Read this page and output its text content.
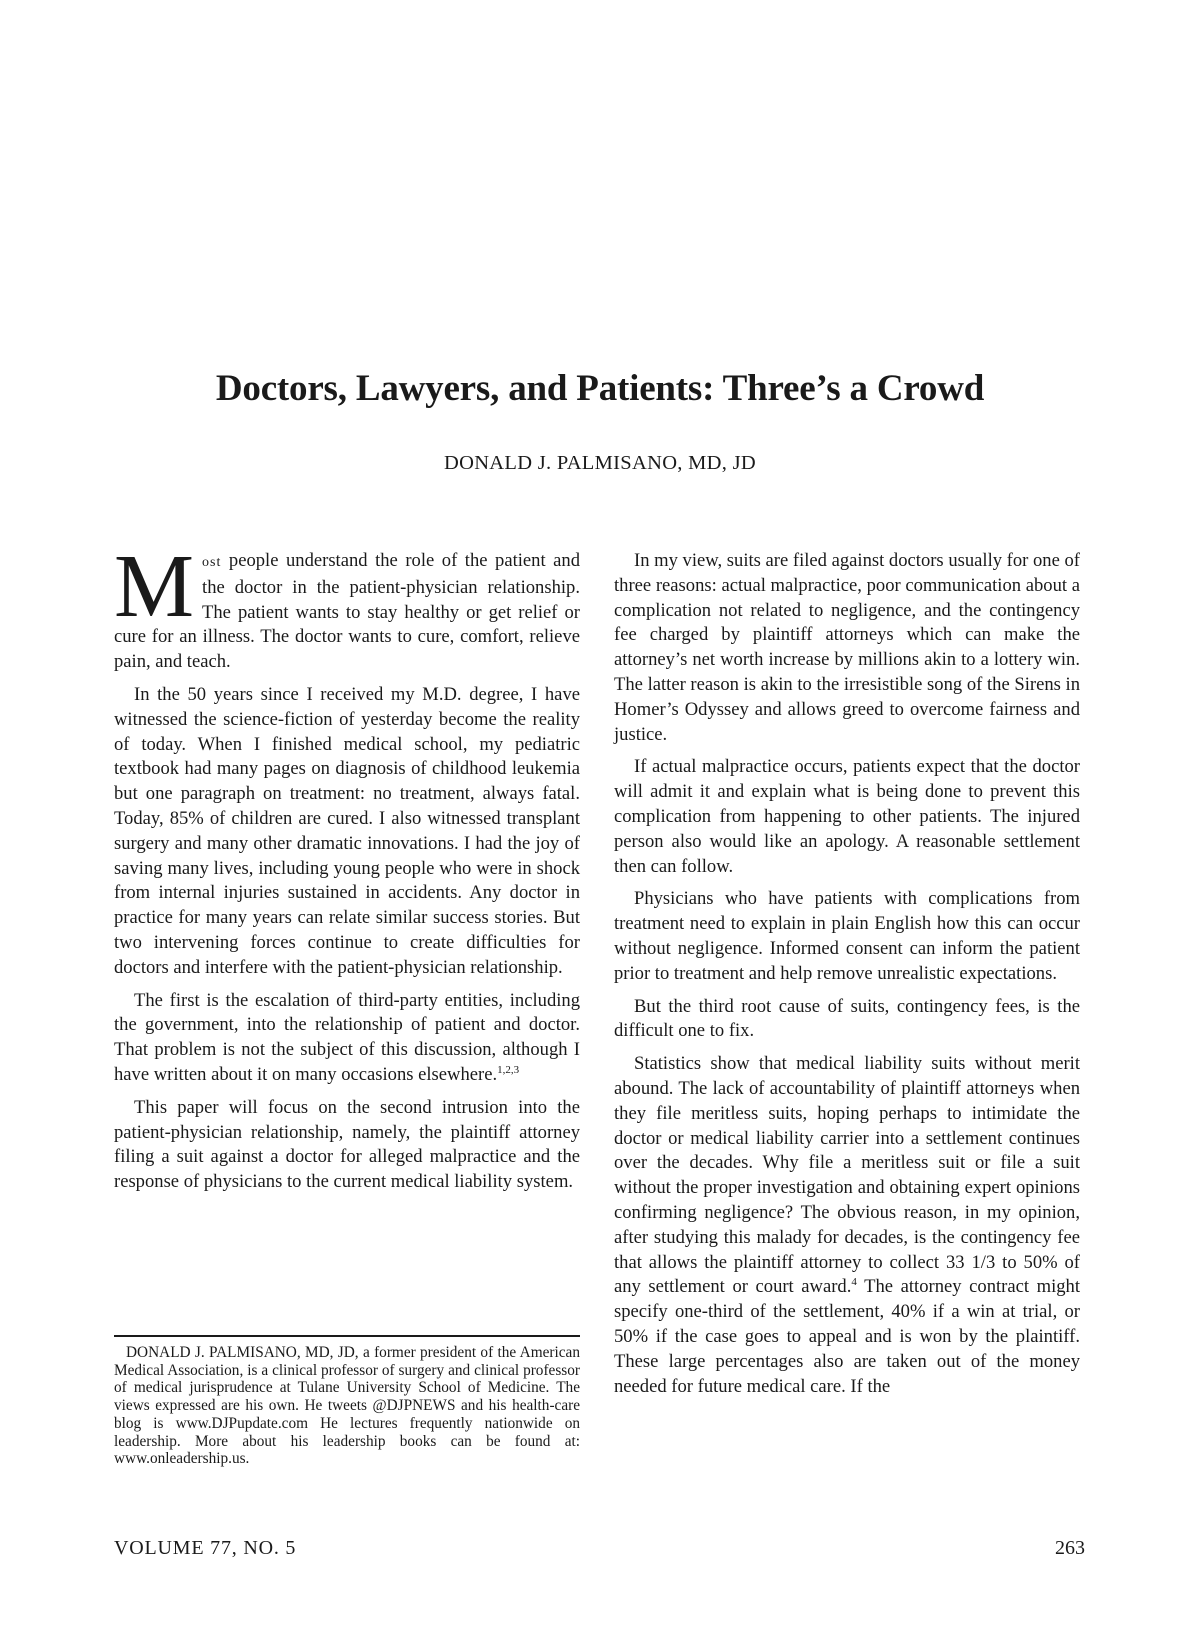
Doctors, Lawyers, and Patients: Three’s a Crowd

DONALD J. PALMISANO, MD, JD

Most people understand the role of the patient and the doctor in the patient-physician relationship. The patient wants to stay healthy or get relief or cure for an illness. The doctor wants to cure, comfort, relieve pain, and teach.

In the 50 years since I received my M.D. degree, I have witnessed the science-fiction of yesterday become the reality of today. When I finished medical school, my pediatric textbook had many pages on diagnosis of childhood leukemia but one paragraph on treatment: no treatment, always fatal. Today, 85% of children are cured. I also witnessed transplant surgery and many other dramatic innovations. I had the joy of saving many lives, including young people who were in shock from internal injuries sustained in accidents. Any doctor in practice for many years can relate similar success stories. But two intervening forces continue to create difficulties for doctors and interfere with the patient-physician relationship.

The first is the escalation of third-party entities, including the government, into the relationship of patient and doctor. That problem is not the subject of this discussion, although I have written about it on many occasions elsewhere.$^{1,2,3}$

This paper will focus on the second intrusion into the patient-physician relationship, namely, the plaintiff attorney filing a suit against a doctor for alleged malpractice and the response of physicians to the current medical liability system.

DONALD J. PALMISANO, MD, JD, a former president of the American Medical Association, is a clinical professor of surgery and clinical professor of medical jurisprudence at Tulane University School of Medicine. The views expressed are his own. He tweets @DJPNEWS and his health-care blog is www.DJPupdate.com He lectures frequently nationwide on leadership. More about his leadership books can be found at: www.onleadership.us.

In my view, suits are filed against doctors usually for one of three reasons: actual malpractice, poor communication about a complication not related to negligence, and the contingency fee charged by plaintiff attorneys which can make the attorney’s net worth increase by millions akin to a lottery win. The latter reason is akin to the irresistible song of the Sirens in Homer’s Odyssey and allows greed to overcome fairness and justice.

If actual malpractice occurs, patients expect that the doctor will admit it and explain what is being done to prevent this complication from happening to other patients. The injured person also would like an apology. A reasonable settlement then can follow.

Physicians who have patients with complications from treatment need to explain in plain English how this can occur without negligence. Informed consent can inform the patient prior to treatment and help remove unrealistic expectations.

But the third root cause of suits, contingency fees, is the difficult one to fix.

Statistics show that medical liability suits without merit abound. The lack of accountability of plaintiff attorneys when they file meritless suits, hoping perhaps to intimidate the doctor or medical liability carrier into a settlement continues over the decades. Why file a meritless suit or file a suit without the proper investigation and obtaining expert opinions confirming negligence? The obvious reason, in my opinion, after studying this malady for decades, is the contingency fee that allows the plaintiff attorney to collect 33 1/3 to 50% of any settlement or court award.$^4$ The attorney contract might specify one-third of the settlement, 40% if a win at trial, or 50% if the case goes to appeal and is won by the plaintiff. These large percentages also are taken out of the money needed for future medical care. If the

VOLUME 77, NO. 5	263
